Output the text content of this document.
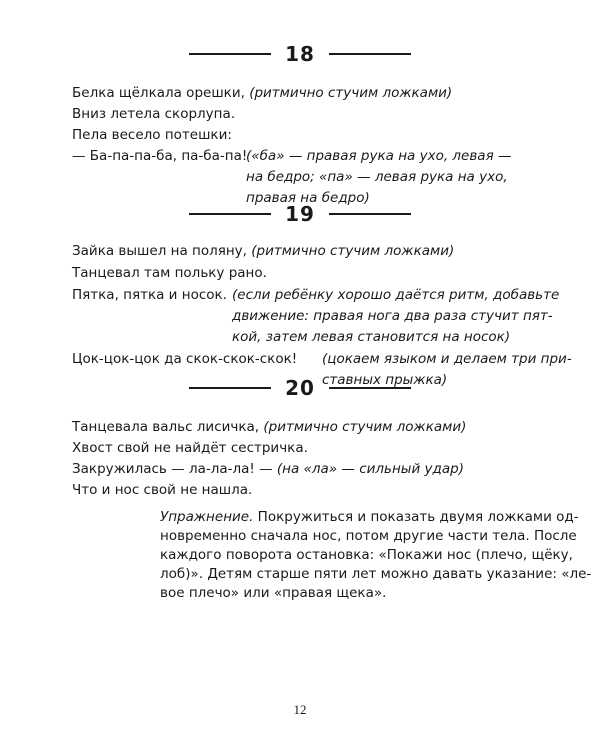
18
Белка щёлкала орешки, (ритмично стучим ложками)
Вниз летела скорлупа.
Пела весело потешки:
— Ба-па-па-ба, па-ба-па!
(«ба» — правая рука на ухо, левая —
на бедро; «па» — левая рука на ухо,
правая на бедро)
19
Зайка вышел на поляну, (ритмично стучим ложками)
Танцевал там польку рано.
Пятка, пятка и носок. (если ребёнку хорошо даётся ритм, добавьте
движение: правая нога два раза стучит пят-
кой, затем левая становится на носок)
Цок-цок-цок да скок-скок-скок! (цокаем языком и делаем три при-
ставных прыжка)
20
Танцевала вальс лисичка, (ритмично стучим ложками)
Хвост свой не найдёт сестричка.
Закружилась — ла-ла-ла! — (на «ла» — сильный удар)
Что и нос свой не нашла.
Упражнение. Покружиться и показать двумя ложками од-
новременно сначала нос, потом другие части тела. После
каждого поворота остановка: «Покажи нос (плечо, щёку,
лоб)». Детям старше пяти лет можно давать указание: «ле-
вое плечо» или «правая щека».
12
